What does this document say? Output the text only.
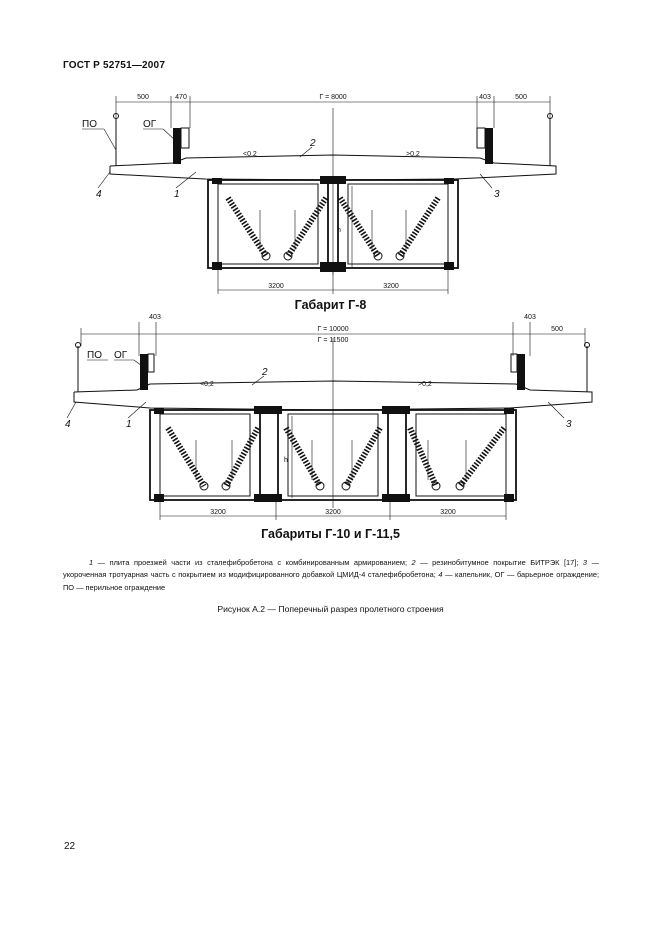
ГОСТ Р 52751—2007
500	470	Г = 8000	403	500
ПО	ОГ
2
<0,2	>0,2
1
4	3
h
3200	3200
403
Г = 10000
Г = 11500
403
500
ПО ОГ
2
<0,2	>0,2
1
4	3
h
3200	3200	3200
Габарит Г-8
Габариты Г-10 и Г-11,5
1 — плита проезжей части из сталефибробетона с комбинированным армированием; 2 — резинобитумное покрытие БИТРЭК [17]; 3 — укороченная тротуарная часть с покрытием из модифицированного добавкой ЦМИД-4 сталефибробетона; 4 — капельник, ОГ — барьерное ограждение; ПО — перильное ограждение
Рисунок А.2 — Поперечный разрез пролетного строения
22
